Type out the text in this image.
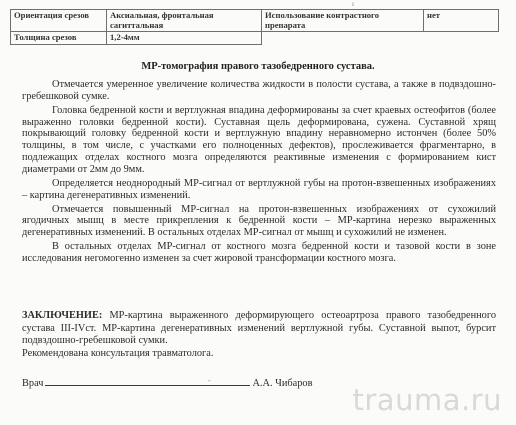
ı
Ориентация срезов	Аксиальная, фронтальная сагиттальная	Использование контрастного препарата	нет
Толщина срезов	1,2-4мм		
МР-томография правого тазобедренного сустава.

Отмечается умеренное увеличение количества жидкости в полости сустава, а также в подвздошно-гребешковой сумке.

Головка бедренной кости и вертлужная впадина деформированы за счет краевых остеофитов (более выраженно головки бедренной кости). Суставная щель деформирована, сужена. Суставной хрящ покрывающий головку бедренной кости и вертлужную впадину неравномерно истончен (более 50% толщины, в том числе, с участками его полноценных дефектов), прослеживается фрагментарно, в подлежащих отделах костного мозга определяются реактивные изменения с формированием кист диаметрами от 2мм до 9мм.

Определяется неоднородный МР-сигнал от вертлужной губы на протон-взвешенных изображениях – картина дегенеративных изменений.

Отмечается повышенный МР-сигнал на протон-взвешенных изображениях от сухожилий ягодичных мышц в месте прикрепления к бедренной кости – МР-картина нерезко выраженных дегенеративных изменений. В остальных отделах МР-сигнал от мышц и сухожилий не изменен.

В остальных отделах МР-сигнал от костного мозга бедренной кости и тазовой кости в зоне исследования негомогенно изменен за счет жировой трансформации костного мозга.

ЗАКЛЮЧЕНИЕ: МР-картина выраженного деформирующего остеоартроза правого тазобедренного сустава III-IVст. МР-картина дегенеративных изменений вертлужной губы. Суставной выпот, бурсит подвздошно-гребешковой сумки.

Рекомендована консультация травматолога.

Врач	-	А.А. Чибаров trauma.ru
